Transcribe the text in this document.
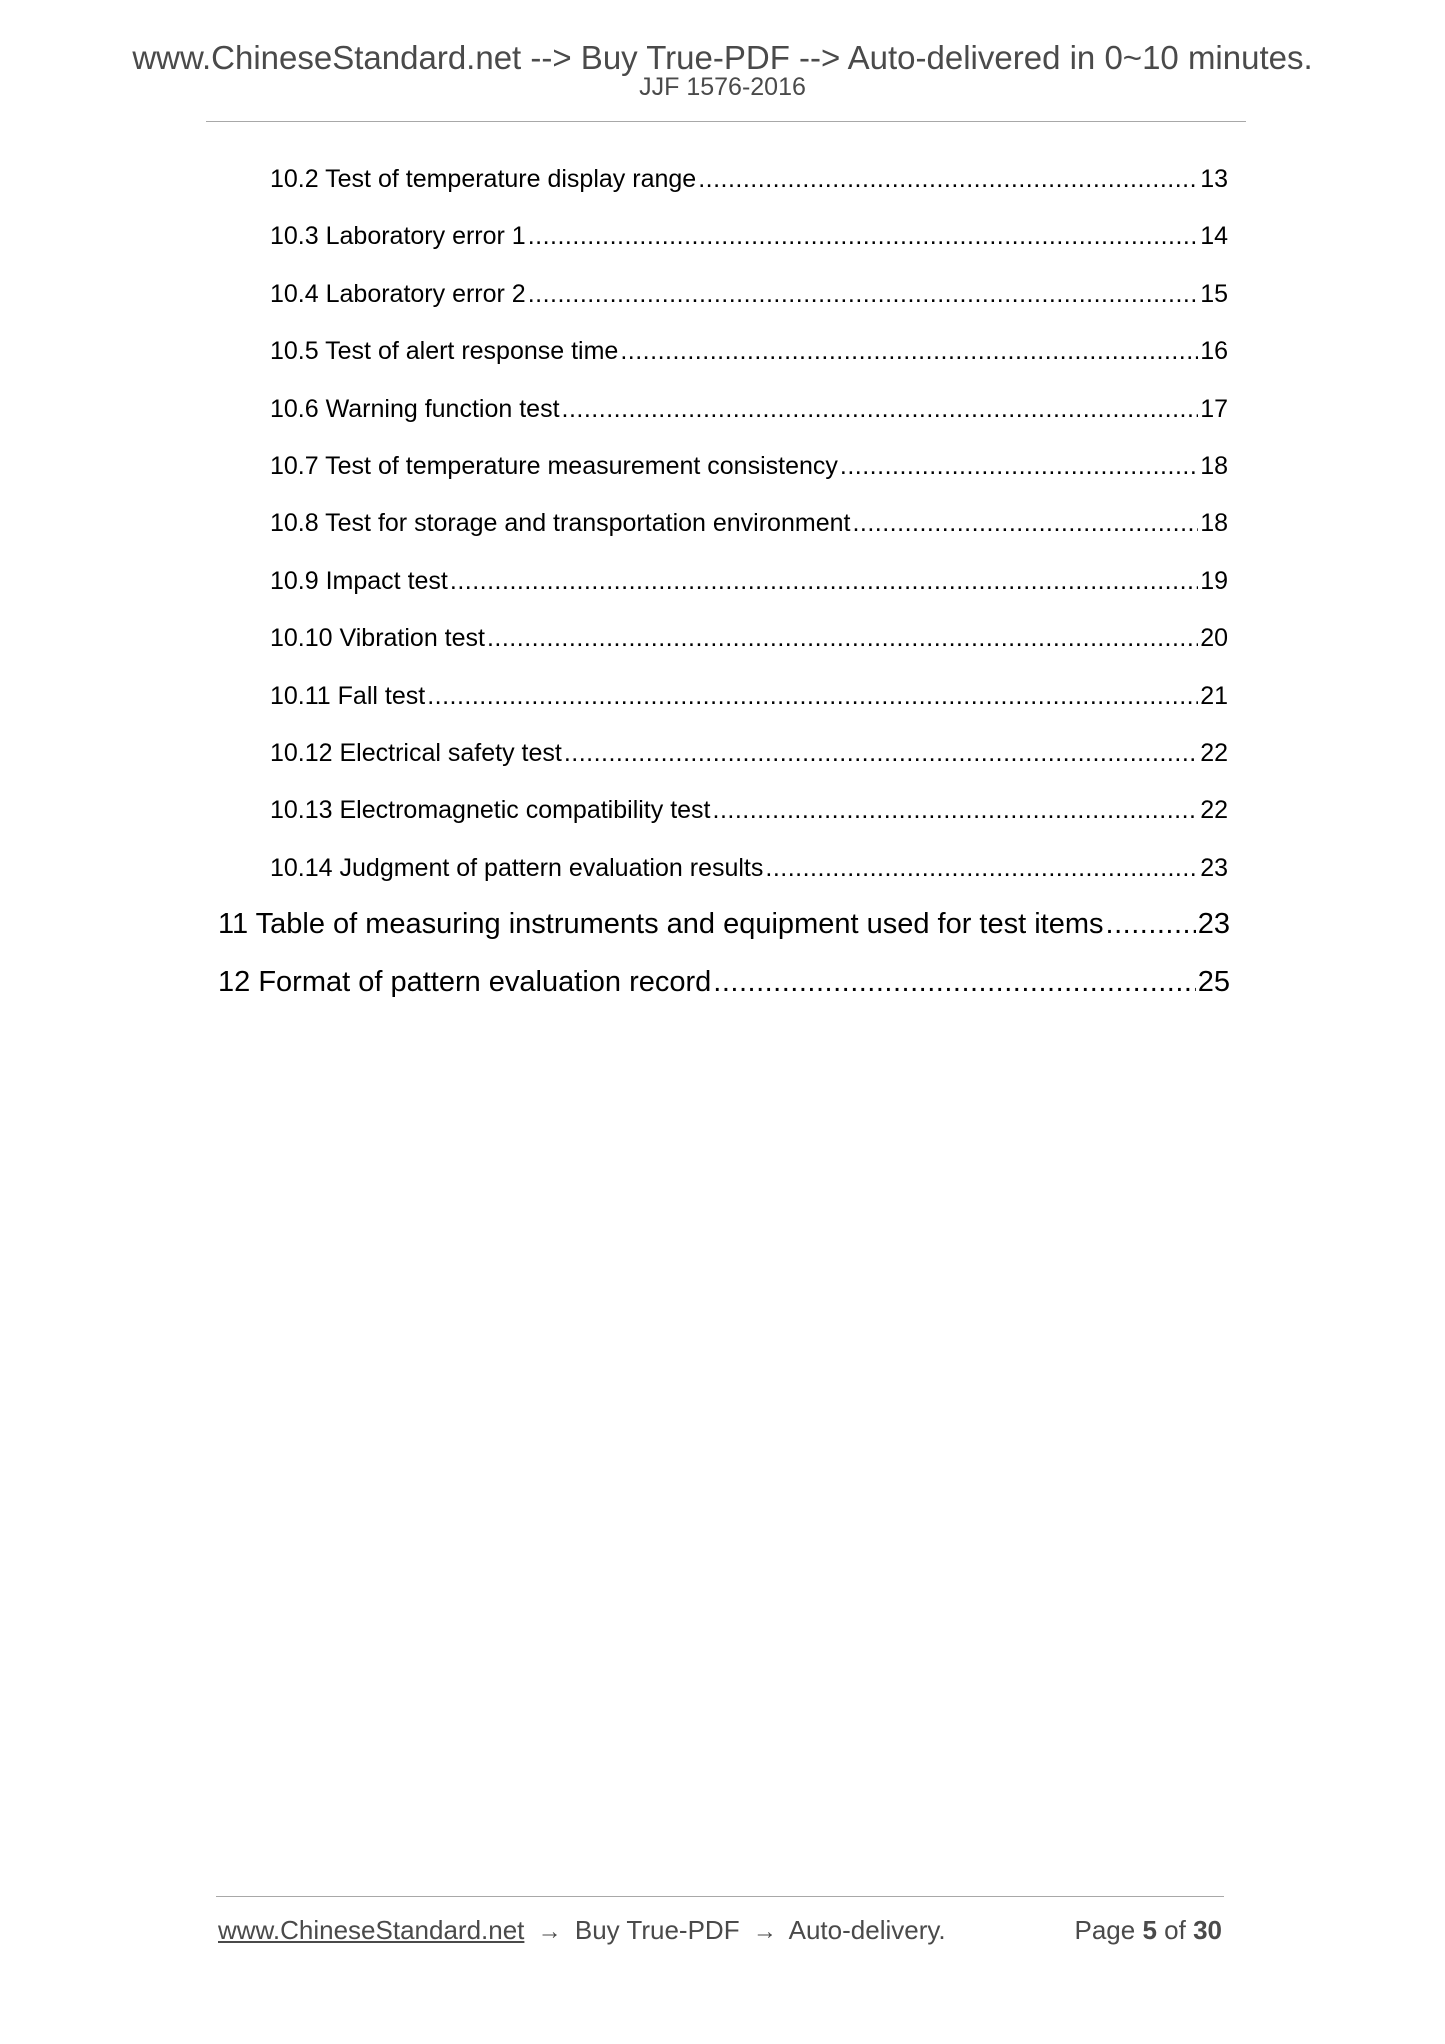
www.ChineseStandard.net --> Buy True-PDF --> Auto-delivered in 0~10 minutes.
JJF 1576-2016
10.2 Test of temperature display range .....	13
10.3 Laboratory error 1 .....	14
10.4 Laboratory error 2 .....	15
10.5 Test of alert response time .....	16
10.6 Warning function test .....	17
10.7 Test of temperature measurement consistency .....	18
10.8 Test for storage and transportation environment .....	18
10.9 Impact test .....	19
10.10 Vibration test .....	20
10.11 Fall test .....	21
10.12 Electrical safety test .....	22
10.13 Electromagnetic compatibility test .....	22
10.14 Judgment of pattern evaluation results .....	23
11 Table of measuring instruments and equipment used for test items .....	23
12 Format of pattern evaluation record .....	25
www.ChineseStandard.net → Buy True-PDF → Auto-delivery.	Page 5 of 30
